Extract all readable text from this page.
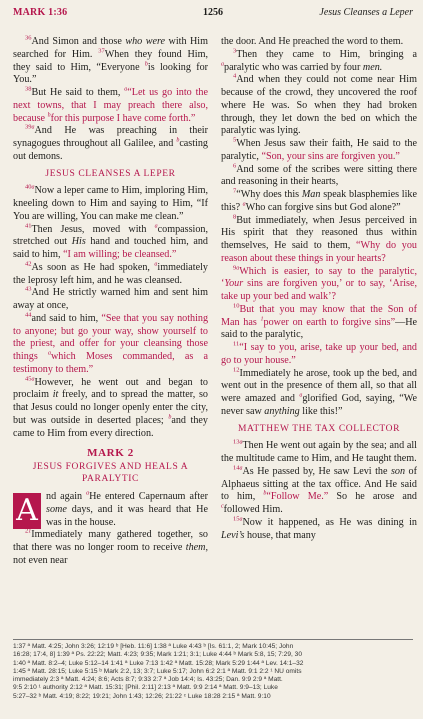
MARK 1:36	1256	Jesus Cleanses a Leper

$^{36}$And Simon and those who were with Him searched for Him. $^{37}$When they found Him, they said to Him, “Everyone $^b$is looking for You.”

$^{38}$But He said to them, $^a$“Let us go into the next towns, that I may preach there also, because $^b$for this purpose I have come forth.”

$^{39a}$And He was preaching in their synagogues throughout all Galilee, and $^b$casting out demons.

JESUS CLEANSES A LEPER

$^{40a}$Now a leper came to Him, imploring Him, kneeling down to Him and saying to Him, “If You are willing, You can make me clean.”

$^{41}$Then Jesus, moved with $^a$compassion, stretched out His hand and touched him, and said to him, “I am willing; be cleansed.”

$^{42}$As soon as He had spoken, $^a$immediately the leprosy left him, and he was cleansed.

$^{43}$And He strictly warned him and sent him away at once,

$^{44}$and said to him, “See that you say nothing to anyone; but go your way, show yourself to the priest, and offer for your cleansing those things $^a$which Moses commanded, as a testimony to them.”

$^{45a}$However, he went out and began to proclaim it freely, and to spread the matter, so that Jesus could no longer openly enter the city, but was outside in deserted places; $^b$and they came to Him from every direction.

MARK 2
JESUS FORGIVES AND HEALS A PARALYTIC

A nd again $^a$He entered Capernaum after some days, and it was heard that He was in the house.

$^{21}$Immediately many gathered together, so that there was no longer room to receive them, not even near

the door. And He preached the word to them.

$^3$Then they came to Him, bringing a $^a$paralytic who was carried by four men.

$^4$And when they could not come near Him because of the crowd, they uncovered the roof where He was. So when they had broken through, they let down the bed on which the paralytic was lying.

$^5$When Jesus saw their faith, He said to the paralytic, “Son, your sins are forgiven you.”

$^6$And some of the scribes were sitting there and reasoning in their hearts,

$^7$“Why does this Man speak blasphemies like this? $^a$Who can forgive sins but God alone?”

$^8$But immediately, when Jesus perceived in His spirit that they reasoned thus within themselves, He said to them, “Why do you reason about these things in your hearts?

$^{9a}$Which is easier, to say to the paralytic, ‘Your sins are forgiven you,’ or to say, ‘Arise, take up your bed and walk’?

$^{10}$But that you may know that the Son of Man has $^1$power on earth to forgive sins”—He said to the paralytic,

$^{11}$“I say to you, arise, take up your bed, and go to your house.”

$^{12}$Immediately he arose, took up the bed, and went out in the presence of them all, so that all were amazed and $^a$glorified God, saying, “We never saw anything like this!”

MATTHEW THE TAX COLLECTOR

$^{13a}$Then He went out again by the sea; and all the multitude came to Him, and He taught them.

$^{14a}$As He passed by, He saw Levi the son of Alphaeus sitting at the tax office. And He said to him, $^b$“Follow Me.” So he arose and $^c$followed Him.

$^{15a}$Now it happened, as He was dining in Levi’s house, that many

1:37 ª Matt. 4:25; John 3:26; 12:19 ᵇ [Heb. 11:6] 1:38 ª Luke 4:43 ᵇ [Is. 61:1, 2; Mark 10:45; John
16:28; 17:4, 8] 1:39 ª Ps. 22:22; Matt. 4:23; 9:35; Mark 1:21; 3:1; Luke 4:44 ᵇ Mark 5:8, 15; 7:29, 30
1:40 ª Matt. 8:2–4; Luke 5:12–14 1:41 ª Luke 7:13 1:42 ª Matt. 15:28; Mark 5:29 1:44 ª Lev. 14:1–32
1:45 ª Matt. 28:15; Luke 5:15 ᵇ Mark 2:2, 13; 3:7; Luke 5:17; John 6:2 2:1 ª Matt. 9:1 2:2 ¹ NU omits
immediately 2:3 ª Matt. 4:24; 8:6; Acts 8:7; 9:33 2:7 ª Job 14:4; Is. 43:25; Dan. 9:9 2:9 ª Matt.
9:5 2:10 ¹ authority 2:12 ª Matt. 15:31; [Phil. 2:11] 2:13 ª Matt. 9:9 2:14 ª Matt. 9:9–13; Luke
5:27–32 ᵇ Matt. 4:19; 8:22; 19:21; John 1:43; 12:26; 21:22 ᶜ Luke 18:28 2:15 ª Matt. 9:10
